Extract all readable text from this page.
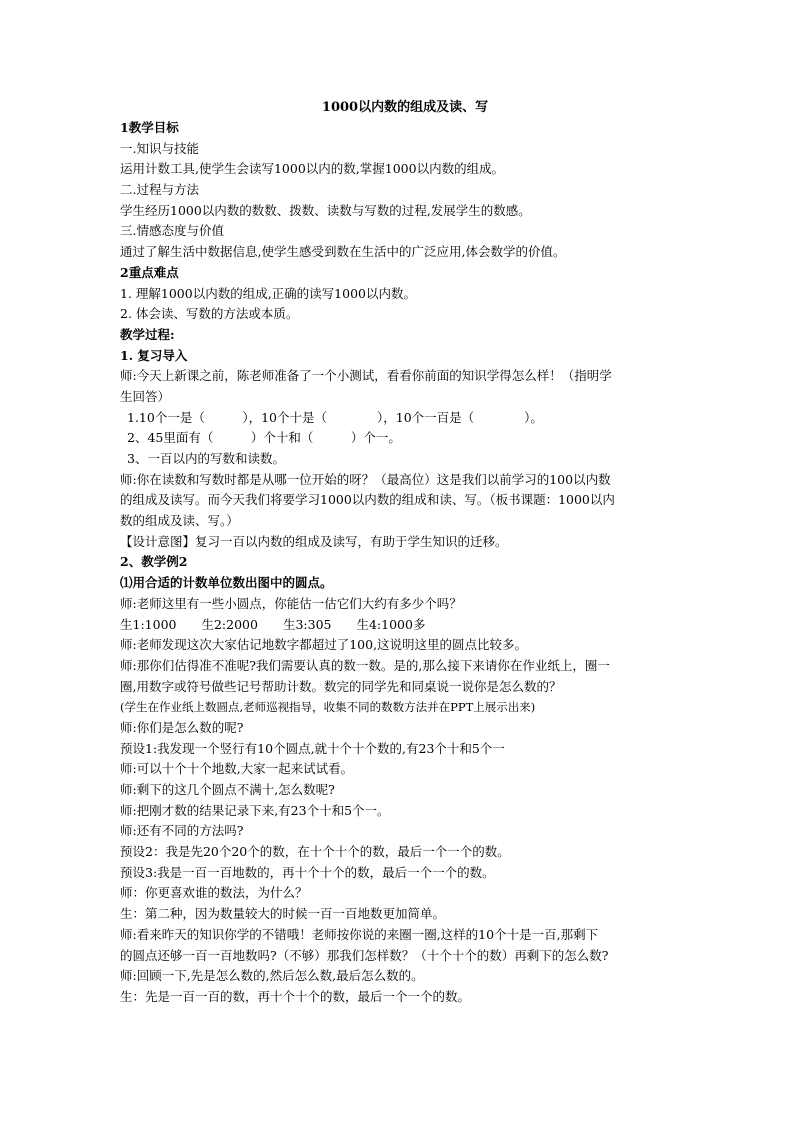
1000以内数的组成及读、写
1教学目标
一.知识与技能
运用计数工具,使学生会读写1000以内的数,掌握1000以内数的组成。
二.过程与方法
学生经历1000以内数的数数、拨数、读数与写数的过程,发展学生的数感。
三.情感态度与价值
通过了解生活中数据信息,使学生感受到数在生活中的广泛应用,体会数学的价值。
2重点难点
1. 理解1000以内数的组成,正确的读写1000以内数。
2. 体会读、写数的方法或本质。
教学过程:
1. 复习导入
师:今天上新课之前，陈老师准备了一个小测试，看看你前面的知识学得怎么样！（指明学
生回答）
1.10个一是（　　　），10个十是（　　　　），10个一百是（　　　　）。
2、45里面有（　　　）个十和（　　　）个一。
3、一百以内的写数和读数。
师:你在读数和写数时都是从哪一位开始的呀？（最高位）这是我们以前学习的100以内数
的组成及读写。而今天我们将要学习1000以内数的组成和读、写。（板书课题：1000以内
数的组成及读、写。）
【设计意图】复习一百以内数的组成及读写，有助于学生知识的迁移。
2、教学例2
⑴用合适的计数单位数出图中的圆点。
师:老师这里有一些小圆点，你能估一估它们大约有多少个吗？
生1:1000　　生2:2000　　生3:305　　生4:1000多
师:老师发现这次大家估记地数字都超过了100,这说明这里的圆点比较多。
师:那你们估得准不准呢?我们需要认真的数一数。是的,那么接下来请你在作业纸上，圈一
圈,用数字或符号做些记号帮助计数。数完的同学先和同桌说一说你是怎么数的？
(学生在作业纸上数圆点,老师巡视指导，收集不同的数数方法并在PPT上展示出来)
师:你们是怎么数的呢?
预设1:我发现一个竖行有10个圆点,就十个十个数的,有23个十和5个一
师:可以十个十个地数,大家一起来试试看。
师:剩下的这几个圆点不满十,怎么数呢?
师:把刚才数的结果记录下来,有23个十和5个一。
师:还有不同的方法吗?
预设2：我是先20个20个的数，在十个十个的数，最后一个一个的数。
预设3:我是一百一百地数的，再十个十个的数，最后一个一个的数。
师：你更喜欢谁的数法，为什么？
生：第二种，因为数量较大的时候一百一百地数更加简单。
师:看来昨天的知识你学的不错哦！老师按你说的来圈一圈,这样的10个十是一百,那剩下
的圆点还够一百一百地数吗?（不够）那我们怎样数？（十个十个的数）再剩下的怎么数?
师:回顾一下,先是怎么数的,然后怎么数,最后怎么数的。
生：先是一百一百的数，再十个十个的数，最后一个一个的数。
